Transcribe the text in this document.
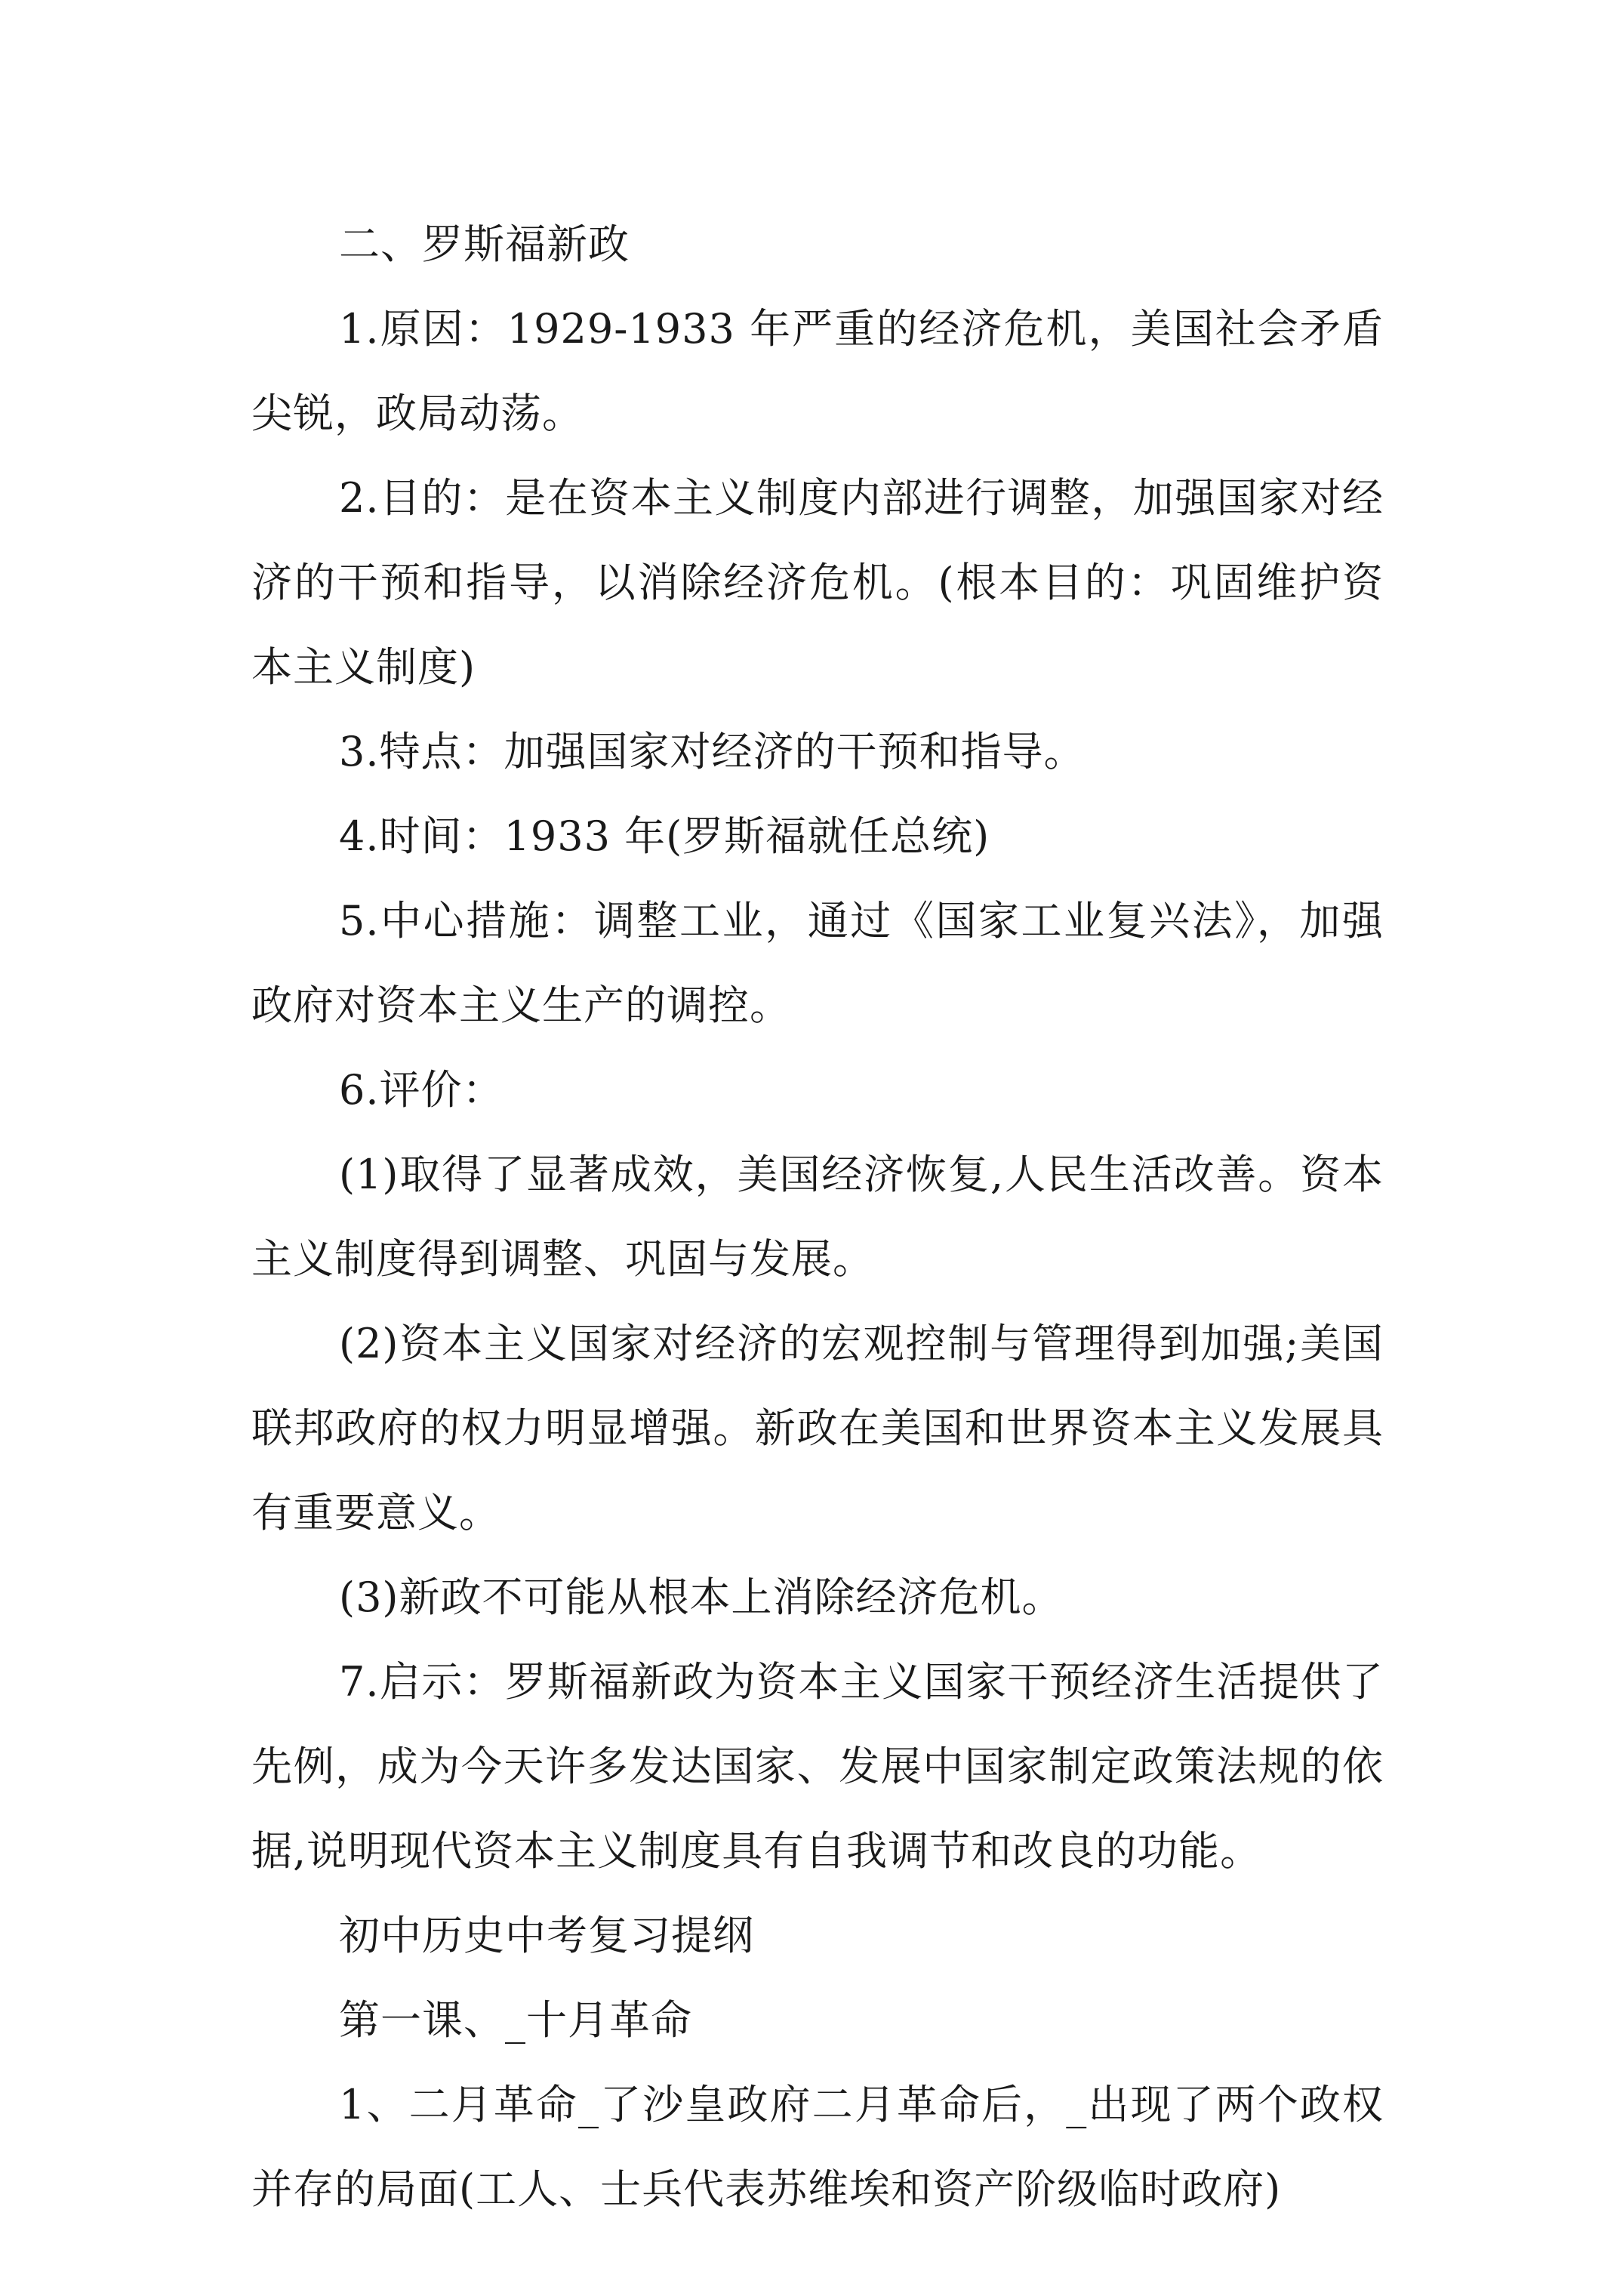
二、罗斯福新政

1.原因：1929-1933 年严重的经济危机，美国社会矛盾尖锐，政局动荡。

2.目的：是在资本主义制度内部进行调整，加强国家对经济的干预和指导，以消除经济危机。(根本目的：巩固维护资本主义制度)

3.特点：加强国家对经济的干预和指导。

4.时间：1933 年(罗斯福就任总统)

5.中心措施：调整工业，通过《国家工业复兴法》，加强政府对资本主义生产的调控。

6.评价：

(1)取得了显著成效，美国经济恢复,人民生活改善。资本主义制度得到调整、巩固与发展。

(2)资本主义国家对经济的宏观控制与管理得到加强;美国联邦政府的权力明显增强。新政在美国和世界资本主义发展具有重要意义。

(3)新政不可能从根本上消除经济危机。

7.启示：罗斯福新政为资本主义国家干预经济生活提供了先例，成为今天许多发达国家、发展中国家制定政策法规的依据,说明现代资本主义制度具有自我调节和改良的功能。

初中历史中考复习提纲

第一课、_十月革命

1、二月革命_了沙皇政府二月革命后，_出现了两个政权并存的局面(工人、士兵代表苏维埃和资产阶级临时政府)
